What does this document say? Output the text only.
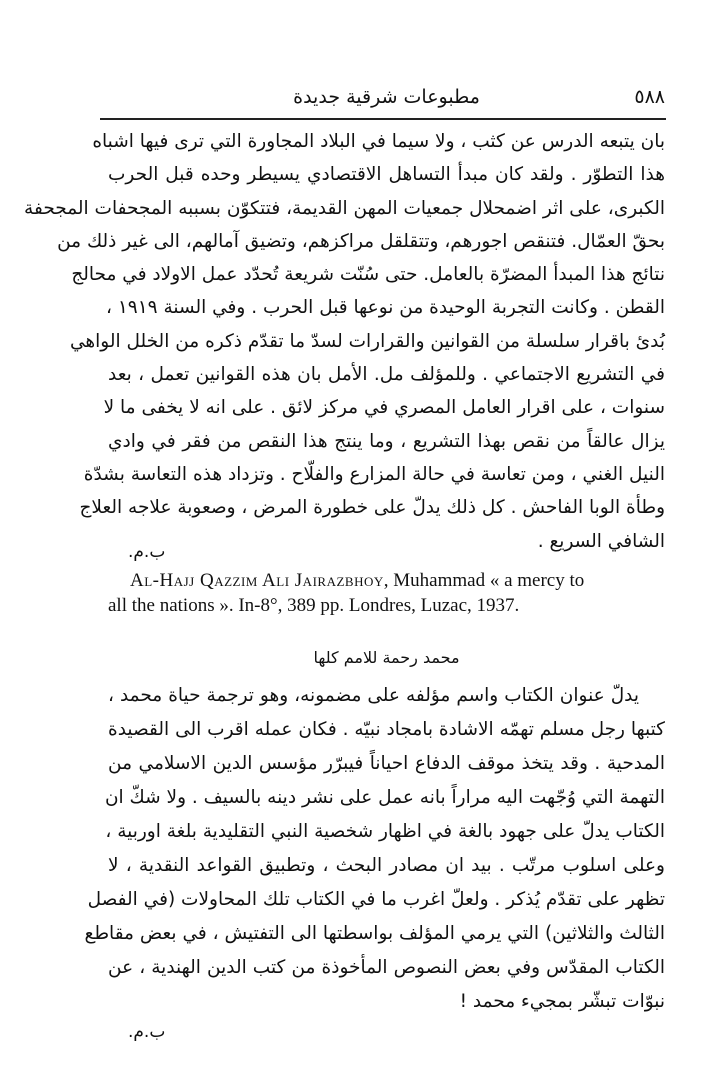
٥٨٨
مطبوعات شرقية جديدة
بان يتبعه الدرس عن كثب ، ولا سيما في البلاد المجاورة التي ترى فيها اشباه
هذا التطوّر . ولقد كان مبدأ التساهل الاقتصادي يسيطر وحده قبل الحرب
الكبرى، على اثر اضمحلال جمعيات المهن القديمة، فتتكوّن بسببه المجحفات المجحفة
بحقّ العمّال. فتنقص اجورهم، وتتقلقل مراكزهم، وتضيق آمالهم، الى غير ذلك من
نتائج هذا المبدأ المضرّة بالعامل. حتى سُنّت شريعة تُحدّد عمل الاولاد في محالج
القطن . وكانت التجربة الوحيدة من نوعها قبل الحرب . وفي السنة ١٩١٩ ،
بُدئ باقرار سلسلة من القوانين والقرارات لسدّ ما تقدّم ذكره من الخلل الواهي
في التشريع الاجتماعي . وللمؤلف مل. الأمل بان هذه القوانين تعمل ، بعد
سنوات ، على اقرار العامل المصري في مركز لائق . على انه لا يخفى ما لا
يزال عالقاً من نقص بهذا التشريع ، وما ينتج هذا النقص من فقر في وادي
النيل الغني ، ومن تعاسة في حالة المزارع والفلّاح . وتزداد هذه التعاسة بشدّة
وطأة الوبا الفاحش . كل ذلك يدلّ على خطورة المرض ، وصعوبة علاجه العلاج
الشافي السريع .
ب.م.
Al-Hajj Qazzim Ali Jairazbhoy, Muhammad « a mercy to
all the nations ». In-8°, 389 pp. Londres, Luzac, 1937.
محمد رحمة للامم كلها
يدلّ عنوان الكتاب واسم مؤلفه على مضمونه، وهو ترجمة حياة محمد ،
كتبها رجل مسلم تهمّه الاشادة بامجاد نبيّه . فكان عمله اقرب الى القصيدة
المدحية . وقد يتخذ موقف الدفاع احياناً فيبرّر مؤسس الدين الاسلامي من
التهمة التي وُجّهت اليه مراراً بانه عمل على نشر دينه بالسيف . ولا شكّ ان
الكتاب يدلّ على جهود بالغة في اظهار شخصية النبي التقليدية بلغة اوربية ،
وعلى اسلوب مرتّب . بيد ان مصادر البحث ، وتطبيق القواعد النقدية ، لا
تظهر على تقدّم يُذكر . ولعلّ اغرب ما في الكتاب تلك المحاولات (في الفصل
الثالث والثلاثين) التي يرمي المؤلف بواسطتها الى التفتيش ، في بعض مقاطع
الكتاب المقدّس وفي بعض النصوص المأخوذة من كتب الدين الهندية ، عن
نبوّات تبشّر بمجيء محمد !
ب.م.
